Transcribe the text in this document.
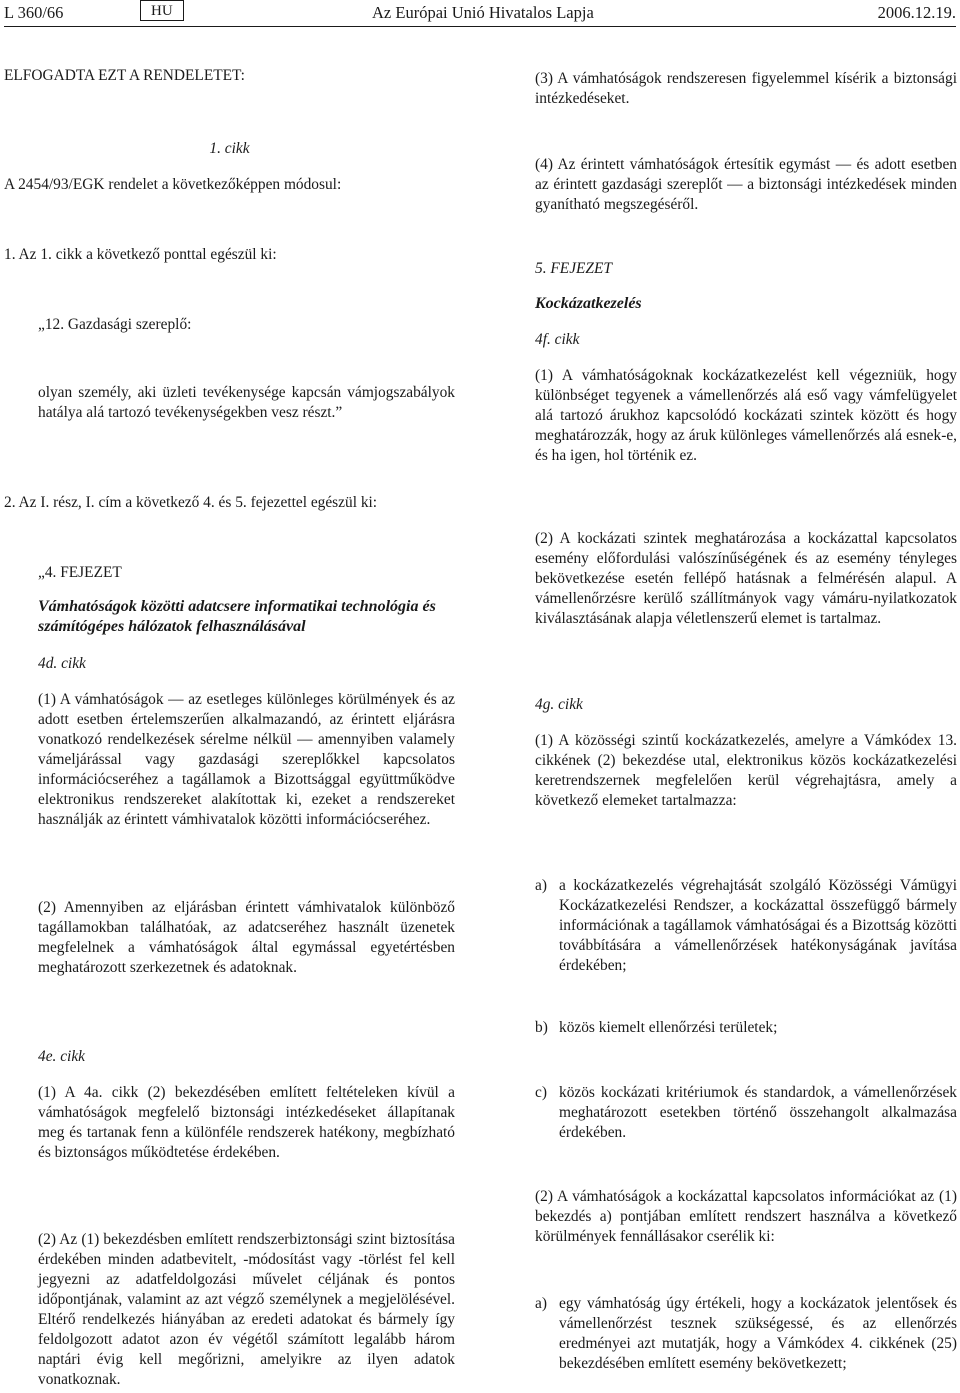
L 360/66	HU	Az Európai Unió Hivatalos Lapja	2006.12.19.

ELFOGADTA EZT A RENDELETET:

1. cikk

A 2454/93/EGK rendelet a következőképpen módosul:

1. Az 1. cikk a következő ponttal egészül ki:

„12. Gazdasági szereplő:

olyan személy, aki üzleti tevékenysége kapcsán vámjogszabályok hatálya alá tartozó tevékenységekben vesz részt.”

2. Az I. rész, I. cím a következő 4. és 5. fejezettel egészül ki:

„4. FEJEZET

Vámhatóságok közötti adatcsere informatikai technológia és számítógépes hálózatok felhasználásával

4d. cikk

(1) A vámhatóságok — az esetleges különleges körülmények és az adott esetben értelemszerűen alkalmazandó, az érintett eljárásra vonatkozó rendelkezések sérelme nélkül — amennyiben valamely vámeljárással vagy gazdasági szereplőkkel kapcsolatos információcseréhez a tagállamok a Bizottsággal együttműködve elektronikus rendszereket alakítottak ki, ezeket a rendszereket használják az érintett vámhivatalok közötti információcseréhez.

(2) Amennyiben az eljárásban érintett vámhivatalok különböző tagállamokban találhatóak, az adatcseréhez használt üzenetek megfelelnek a vámhatóságok által egymással egyetértésben meghatározott szerkezetnek és adatoknak.

4e. cikk

(1) A 4a. cikk (2) bekezdésében említett feltételeken kívül a vámhatóságok megfelelő biztonsági intézkedéseket állapítanak meg és tartanak fenn a különféle rendszerek hatékony, megbízható és biztonságos működtetése érdekében.

(2) Az (1) bekezdésben említett rendszerbiztonsági szint biztosítása érdekében minden adatbevitelt, -módosítást vagy -törlést fel kell jegyezni az adatfeldolgozási művelet céljának és pontos időpontjának, valamint az azt végző személynek a megjelölésével. Eltérő rendelkezés hiányában az eredeti adatokat és bármely így feldolgozott adatot azon év végétől számított legalább három naptári évig kell megőrizni, amelyikre az ilyen adatok vonatkoznak.

(3) A vámhatóságok rendszeresen figyelemmel kísérik a biztonsági intézkedéseket.

(4) Az érintett vámhatóságok értesítik egymást — és adott esetben az érintett gazdasági szereplőt — a biztonsági intézkedések minden gyanítható megszegéséről.

5. FEJEZET

Kockázatkezelés

4f. cikk

(1) A vámhatóságoknak kockázatkezelést kell végezniük, hogy különbséget tegyenek a vámellenőrzés alá eső vagy vámfelügyelet alá tartozó árukhoz kapcsolódó kockázati szintek között és hogy meghatározzák, hogy az áruk különleges vámellenőrzés alá esnek-e, és ha igen, hol történik ez.

(2) A kockázati szintek meghatározása a kockázattal kapcsolatos esemény előfordulási valószínűségének és az esemény tényleges bekövetkezése esetén fellépő hatásnak a felmérésén alapul. A vámellenőrzésre kerülő szállítmányok vagy vámáru-nyilatkozatok kiválasztásának alapja véletlenszerű elemet is tartalmaz.

4g. cikk

(1) A közösségi szintű kockázatkezelés, amelyre a Vámkódex 13. cikkének (2) bekezdése utal, elektronikus közös kockázatkezelési keretrendszernek megfelelően kerül végrehajtásra, amely a következő elemeket tartalmazza:

a) a kockázatkezelés végrehajtását szolgáló Közösségi Vámügyi Kockázatkezelési Rendszer, a kockázattal összefüggő bármely információnak a tagállamok vámhatóságai és a Bizottság közötti továbbítására a vámellenőrzések hatékonyságának javítása érdekében;

b) közös kiemelt ellenőrzési területek;

c) közös kockázati kritériumok és standardok, a vámellenőrzések meghatározott esetekben történő összehangolt alkalmazása érdekében.

(2) A vámhatóságok a kockázattal kapcsolatos információkat az (1) bekezdés a) pontjában említett rendszert használva a következő körülmények fennállásakor cserélik ki:

a) egy vámhatóság úgy értékeli, hogy a kockázatok jelentősek és vámellenőrzést tesznek szükségessé, és az ellenőrzés eredményei azt mutatják, hogy a Vámkódex 4. cikkének (25) bekezdésében említett esemény bekövetkezett;
